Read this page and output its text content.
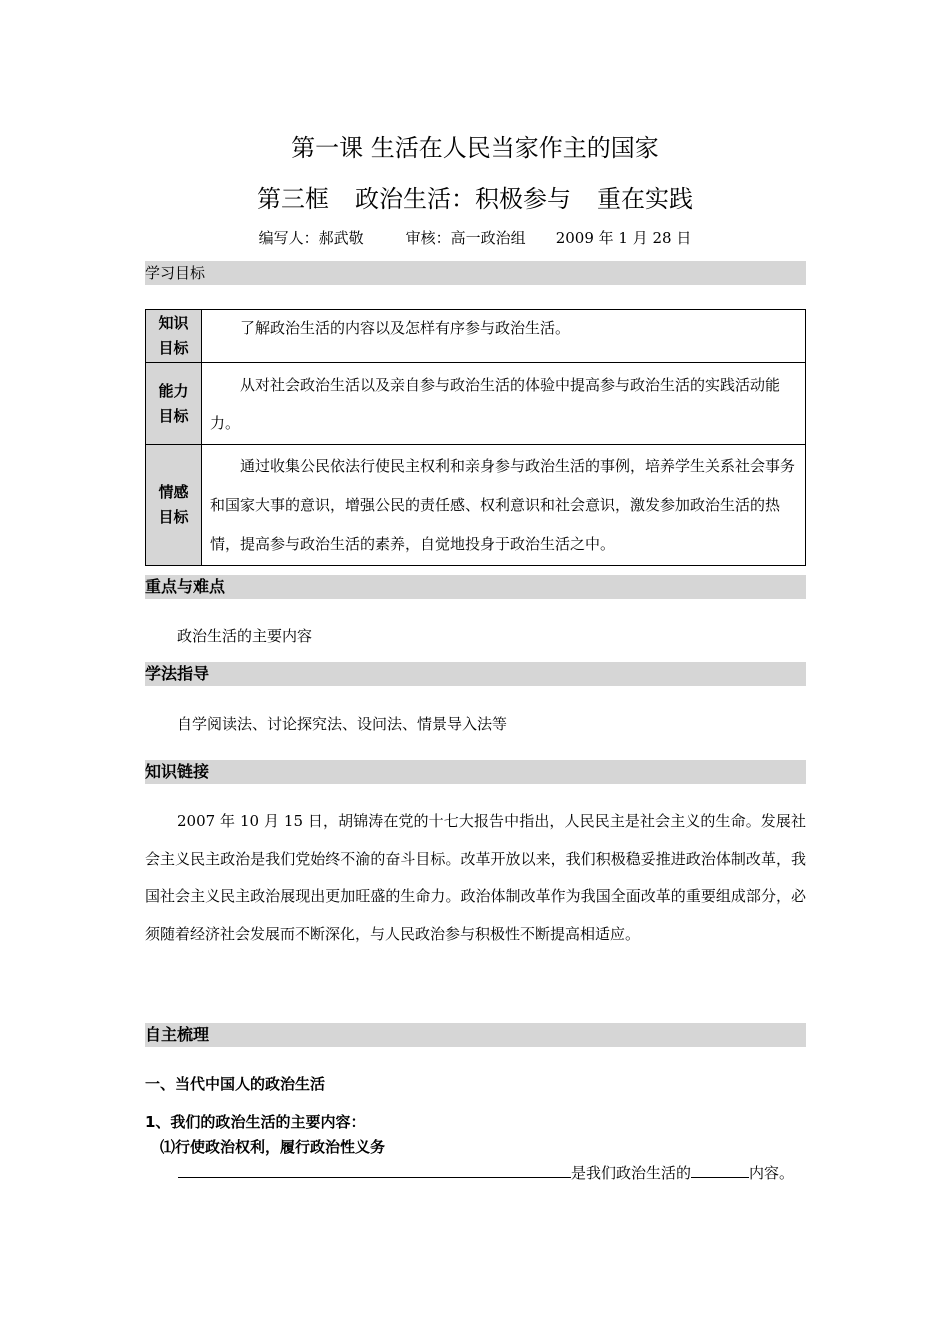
第一课 生活在人民当家作主的国家
第三框 政治生活：积极参与 重在实践
编写人：郝武敬	审核：高一政治组 2009 年 1 月 28 日
学习目标
知识
目标	了解政治生活的内容以及怎样有序参与政治生活。

能力
目标	从对社会政治生活以及亲自参与政治生活的体验中提高参与政治生活的实践活动能力。

情感
目标	通过收集公民依法行使民主权利和亲身参与政治生活的事例，培养学生关系社会事务和国家大事的意识，增强公民的责任感、权利意识和社会意识，激发参加政治生活的热情，提高参与政治生活的素养，自觉地投身于政治生活之中。
重点与难点
政治生活的主要内容
学法指导
自学阅读法、讨论探究法、设问法、情景导入法等
知识链接
2007 年 10 月 15 日，胡锦涛在党的十七大报告中指出，人民民主是社会主义的生命。发展社会主义民主政治是我们党始终不渝的奋斗目标。改革开放以来，我们积极稳妥推进政治体制改革，我国社会主义民主政治展现出更加旺盛的生命力。政治体制改革作为我国全面改革的重要组成部分，必须随着经济社会发展而不断深化，与人民政治参与积极性不断提高相适应。
自主梳理
一、当代中国人的政治生活
1、我们的政治生活的主要内容：
⑴行使政治权利，履行政治性义务
是我们政治生活的	内容。
